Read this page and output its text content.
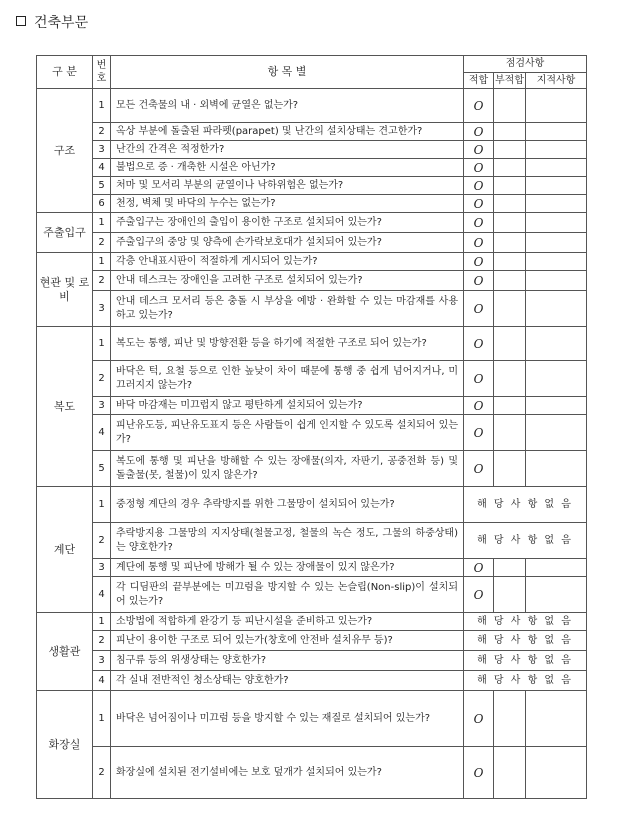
건축부문
구 분	번호	항 목 별	점검사항		
			적합	부적합	지적사항
구조	1	모든 건축물의 내 · 외벽에 균열은 없는가?	O		
	2	옥상 부분에 돌출된 파라펫(parapet) 및 난간의 설치상태는 견고한가?	O		
	3	난간의 간격은 적정한가?	O		
	4	불법으로 증 · 개축한 시설은 아닌가?	O		
	5	처마 및 모서리 부분의 균열이나 낙하위험은 없는가?	O		
	6	천정, 벽체 및 바닥의 누수는 없는가?	O		
주출입구	1	주출입구는 장애인의 출입이 용이한 구조로 설치되어 있는가?	O		
	2	주출입구의 중앙 및 양측에 손가락보호대가 설치되어 있는가?	O		
현관 및 로비	1	각층 안내표시판이 적절하게 게시되어 있는가?	O		
	2	안내 데스크는 장애인을 고려한 구조로 설치되어 있는가?	O		
	3	안내 데스크 모서리 등은 충돌 시 부상을 예방 · 완화할 수 있는 마감재를 사용하고 있는가?	O		
복도	1	복도는 통행, 피난 및 방향전환 등을 하기에 적절한 구조로 되어 있는가?	O		
	2	바닥은 턱, 요철 등으로 인한 높낮이 차이 때문에 통행 중 쉽게 넘어지거나, 미끄러지지 않는가?	O		
	3	바닥 마감재는 미끄럽지 않고 평탄하게 설치되어 있는가?	O		
	4	피난유도등, 피난유도표지 등은 사람들이 쉽게 인지할 수 있도록 설치되어 있는가?	O		
	5	복도에 통행 및 피난을 방해할 수 있는 장애물(의자, 자판기, 공중전화 등) 및 돌출물(못, 철물)이 있지 않은가?	O		
계단	1	중정형 계단의 경우 추락방지를 위한 그물망이 설치되어 있는가?	해 당 사 항 없 음		
	2	추락방지용 그물망의 지지상태(철물고정, 철물의 녹슨 정도, 그물의 하중상태)는 양호한가?	해 당 사 항 없 음		
	3	계단에 통행 및 피난에 방해가 될 수 있는 장애물이 있지 않은가?	O		
	4	각 디딤판의 끝부분에는 미끄럼을 방지할 수 있는 논슬립(Non-slip)이 설치되어 있는가?	O		
생활관	1	소방법에 적합하게 완강기 등 피난시설을 준비하고 있는가?	해 당 사 항 없 음		
	2	피난이 용이한 구조로 되어 있는가(창호에 안전바 설치유무 등)?	해 당 사 항 없 음		
	3	침구류 등의 위생상태는 양호한가?	해 당 사 항 없 음		
	4	각 실내 전반적인 청소상태는 양호한가?	해 당 사 항 없 음		
화장실	1	바닥은 넘어짐이나 미끄럼 등을 방지할 수 있는 재질로 설치되어 있는가?	O		
	2	화장실에 설치된 전기설비에는 보호 덮개가 설치되어 있는가?	O		
